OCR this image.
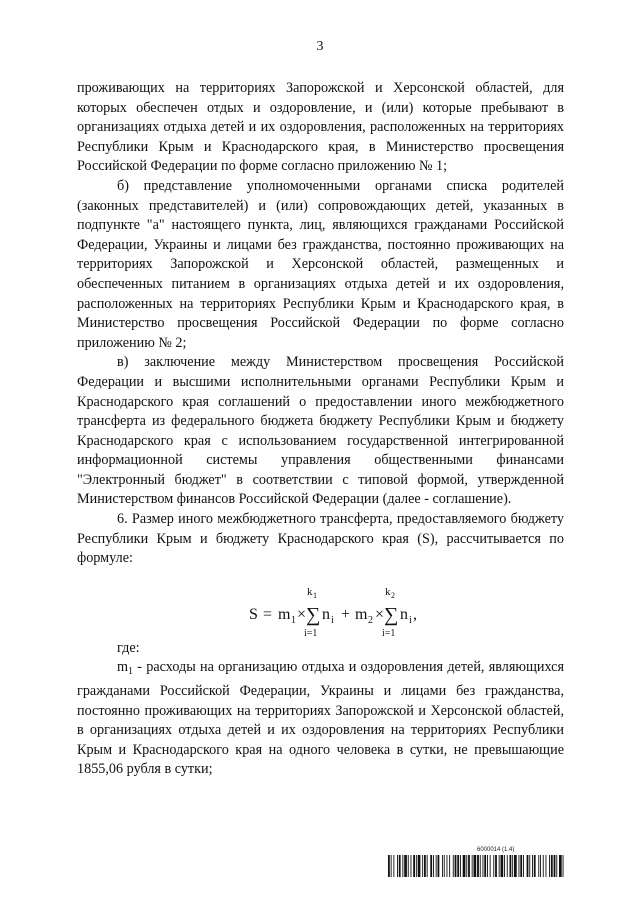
3

проживающих на территориях Запорожской и Херсонской областей, для которых обеспечен отдых и оздоровление, и (или) которые пребывают в организациях отдыха детей и их оздоровления, расположенных на территориях Республики Крым и Краснодарского края, в Министерство просвещения Российской Федерации по форме согласно приложению № 1;

б) представление уполномоченными органами списка родителей (законных представителей) и (или) сопровождающих детей, указанных в подпункте "а" настоящего пункта, лиц, являющихся гражданами Российской Федерации, Украины и лицами без гражданства, постоянно проживающих на территориях Запорожской и Херсонской областей, размещенных и обеспеченных питанием в организациях отдыха детей и их оздоровления, расположенных на территориях Республики Крым и Краснодарского края, в Министерство просвещения Российской Федерации по форме согласно приложению № 2;

в) заключение между Министерством просвещения Российской Федерации и высшими исполнительными органами Республики Крым и Краснодарского края соглашений о предоставлении иного межбюджетного трансферта из федерального бюджета бюджету Республики Крым и бюджету Краснодарского края с использованием государственной интегрированной информационной системы управления общественными финансами "Электронный бюджет" в соответствии с типовой формой, утвержденной Министерством финансов Российской Федерации (далее - соглашение).

6. Размер иного межбюджетного трансферта, предоставляемого бюджету Республики Крым и бюджету Краснодарского края (S), рассчитывается по формуле:

S = m 1 ×
k 1
∑
i=1
n i + m 2 ×
k 2
∑
i=1
n i ,

где:

$m_1$ - расходы на организацию отдыха и оздоровления детей, являющихся гражданами Российской Федерации, Украины и лицами без гражданства, постоянно проживающих на территориях Запорожской и Херсонской областей, в организациях отдыха детей и их оздоровления на территориях Республики Крым и Краснодарского края на одного человека в сутки, не превышающие 1855,06 рубля в сутки;

6000014 (1.4)
